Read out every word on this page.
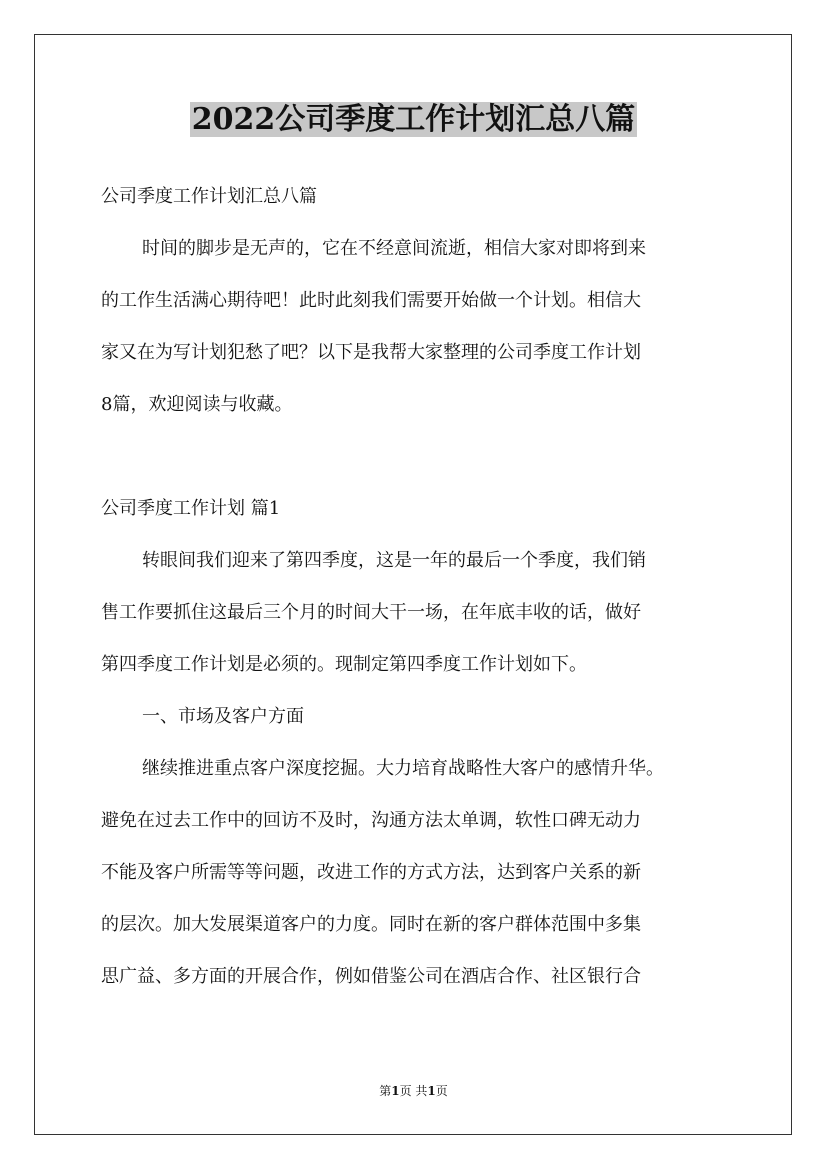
2022公司季度工作计划汇总八篇
公司季度工作计划汇总八篇
时间的脚步是无声的，它在不经意间流逝，相信大家对即将到来
的工作生活满心期待吧！此时此刻我们需要开始做一个计划。相信大
家又在为写计划犯愁了吧？以下是我帮大家整理的公司季度工作计划
8篇，欢迎阅读与收藏。
公司季度工作计划 篇1
转眼间我们迎来了第四季度，这是一年的最后一个季度，我们销
售工作要抓住这最后三个月的时间大干一场，在年底丰收的话，做好
第四季度工作计划是必须的。现制定第四季度工作计划如下。
一、市场及客户方面
继续推进重点客户深度挖掘。大力培育战略性大客户的感情升华。
避免在过去工作中的回访不及时，沟通方法太单调，软性口碑无动力
不能及客户所需等等问题，改进工作的方式方法，达到客户关系的新
的层次。加大发展渠道客户的力度。同时在新的客户群体范围中多集
思广益、多方面的开展合作，例如借鉴公司在酒店合作、社区银行合
第1页 共1页
